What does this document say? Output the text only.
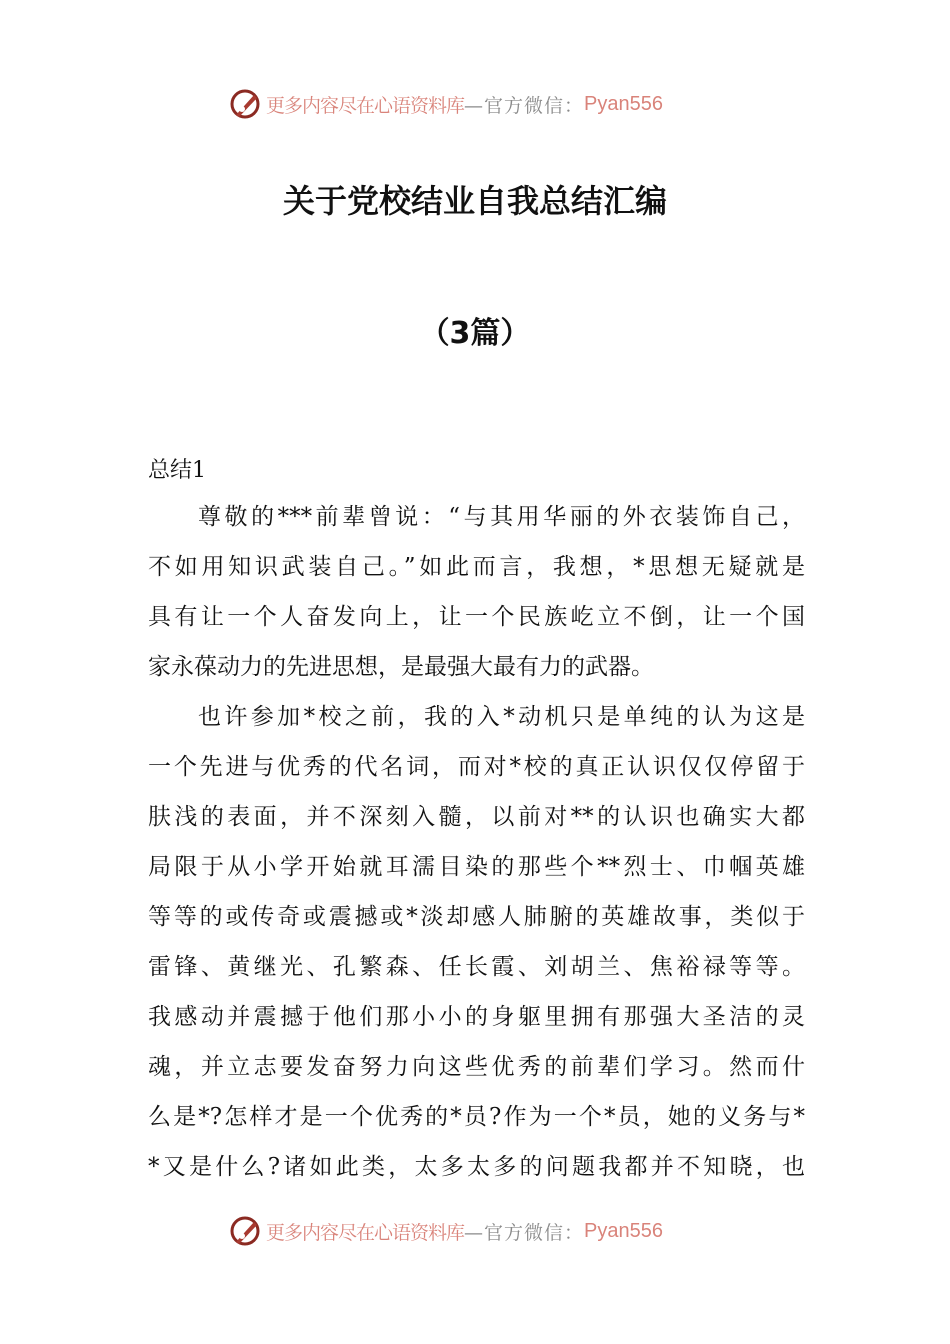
更多内容尽在心语资料库 —官方微信： Pyan556
关于党校结业自我总结汇编
（3篇）
总结1
尊敬的***前辈曾说：“与其用华丽的外衣装饰自己，
不如用知识武装自己。”如此而言，我想，*思想无疑就是
具有让一个人奋发向上，让一个民族屹立不倒，让一个国
家永葆动力的先进思想，是最强大最有力的武器。
也许参加*校之前，我的入*动机只是单纯的认为这是
一个先进与优秀的代名词，而对*校的真正认识仅仅停留于
肤浅的表面，并不深刻入髓，以前对**的认识也确实大都
局限于从小学开始就耳濡目染的那些个**烈士、巾帼英雄
等等的或传奇或震撼或*淡却感人肺腑的英雄故事，类似于
雷锋、黄继光、孔繁森、任长霞、刘胡兰、焦裕禄等等。
我感动并震撼于他们那小小的身躯里拥有那强大圣洁的灵
魂，并立志要发奋努力向这些优秀的前辈们学习。然而什
么是*?怎样才是一个优秀的*员?作为一个*员，她的义务与*
*又是什么?诸如此类，太多太多的问题我都并不知晓，也
更多内容尽在心语资料库 —官方微信： Pyan556
